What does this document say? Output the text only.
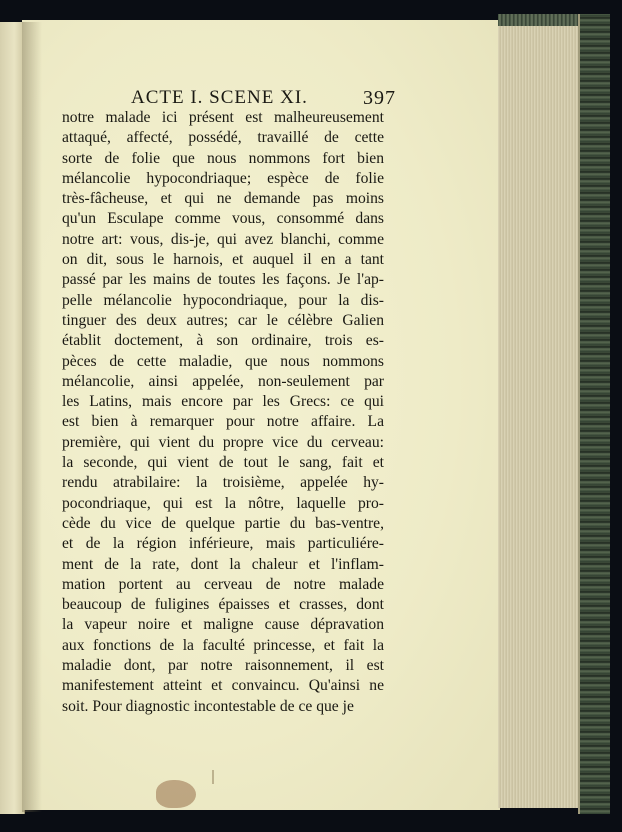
ACTE I. SCENE XI.	397
notre malade ici présent est malheureusement
attaqué, affecté, possédé, travaillé de cette
sorte de folie que nous nommons fort bien
mélancolie hypocondriaque; espèce de folie
très-fâcheuse, et qui ne demande pas moins
qu'un Esculape comme vous, consommé dans
notre art: vous, dis-je, qui avez blanchi, comme
on dit, sous le harnois, et auquel il en a tant
passé par les mains de toutes les façons. Je l'ap-
pelle mélancolie hypocondriaque, pour la dis-
tinguer des deux autres; car le célèbre Galien
établit doctement, à son ordinaire, trois es-
pèces de cette maladie, que nous nommons
mélancolie, ainsi appelée, non-seulement par
les Latins, mais encore par les Grecs: ce qui
est bien à remarquer pour notre affaire. La
première, qui vient du propre vice du cerveau:
la seconde, qui vient de tout le sang, fait et
rendu atrabilaire: la troisième, appelée hy-
pocondriaque, qui est la nôtre, laquelle pro-
cède du vice de quelque partie du bas-ventre,
et de la région inférieure, mais particuliére-
ment de la rate, dont la chaleur et l'inflam-
mation portent au cerveau de notre malade
beaucoup de fuligines épaisses et crasses, dont
la vapeur noire et maligne cause dépravation
aux fonctions de la faculté princesse, et fait la
maladie dont, par notre raisonnement, il est
manifestement atteint et convaincu. Qu'ainsi ne
soit. Pour diagnostic incontestable de ce que je
